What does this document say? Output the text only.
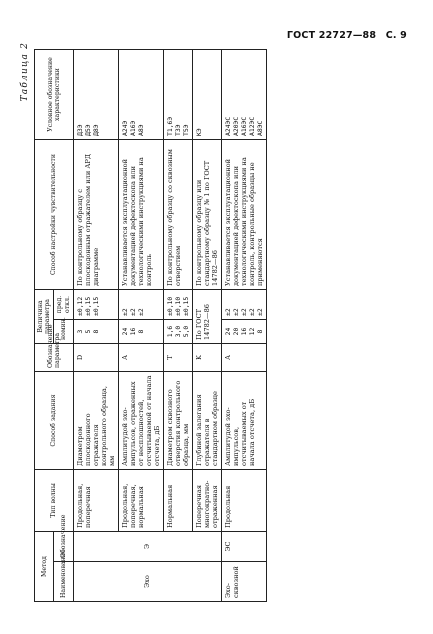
ГОСТ 22727—88 С. 9
Таблица 2
Метод		Тип волны	Способ задания	Обозначение параметра	Величина параметра		Способ настройки чувствительности	Условное обозначение характеристики
Наименование	Обозначение				номин.	пред. откл.		
Эхо	Э	Продольная, поперечная	Диаметром плоскодонного отражателя контрольного образца, мм	D	3 5 8	±0,12 ±0,15 ±0,15	По контрольному образцу с плоскодонным отражателем или АРД диаграмме	Д3Э Д5Э Д8Э

		Продольная, поперечная, нормальная	Амплитудой эхо-импульсов, отраженных от несплошностей, отсчитываемой от начала отсчета, дБ	A	24 16 8	±2 ±2 ±2	Устанавливается эксплуатационной документацией дефектоскопа или технологическими инструкциями на контроль	А24Э А16Э А8Э

		Нормальная	Диаметром сквозного отверстия контрольного образца, мм	T	1,6 3,0 5,0	±0,10 ±0,10 ±0,15	По контрольному образцу со сквозным отверстием	Т1,6Э Т3Э Т5Э

		Поперечная многократно-отраженная	Глубиной залегания отражателя в стандартном образце	K	По ГОСТ 14782—86		По контрольному образцу или стандартному образцу № 1 по ГОСТ 14782—86	КЭ
Эхо-сквозной	ЭС	Продольная	Амплитудой эхо-импульсов, отсчитываемых от начала отсчета, дБ	A	24 20 16 12 8	±2 ±2 ±2 ±2 ±2	Устанавливается эксплуатационной документацией дефектоскопа или технологическими инструкциями на контроль, контрольные образцы не применяются	А24ЭС А20ЭС А16ЭС А12ЭС А8ЭС
